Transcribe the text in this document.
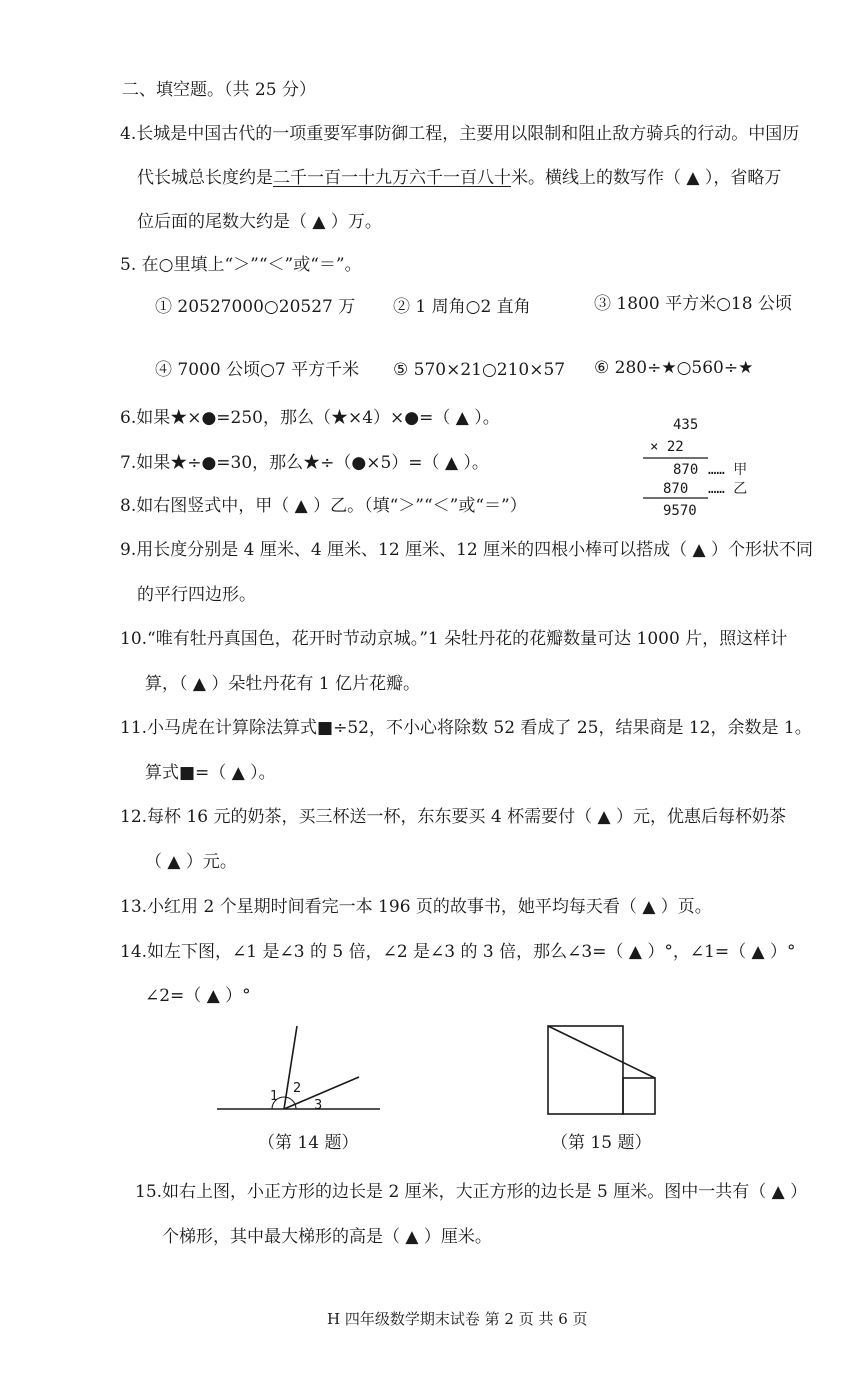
二、填空题。（共 25 分）
4.长城是中国古代的一项重要军事防御工程，主要用以限制和阻止敌方骑兵的行动。中国历
代长城总长度约是二千一百一十九万六千一百八十米。横线上的数写作（ ▲ ），省略万
位后面的尾数大约是（ ▲ ）万。
5. 在○里填上“＞”“＜”或“＝”。
① 20527000○20527 万 ② 1 周角○2 直角	③ 1800 平方米○18 公顷
④ 7000 公顷○7 平方千米 ⑤ 570×21○210×57 ⑥ 280÷★○560÷★
6.如果★×●=250，那么（★×4）×●=（ ▲ ）。
7.如果★÷●=30，那么★÷（●×5）=（ ▲ ）。
8.如右图竖式中，甲（ ▲ ）乙。（填“＞”“＜”或“＝”）
435
× 22
870 …… 甲
870 …… 乙
9570
9.用长度分别是 4 厘米、4 厘米、12 厘米、12 厘米的四根小棒可以搭成（ ▲ ）个形状不同
的平行四边形。
10.“唯有牡丹真国色，花开时节动京城。”1 朵牡丹花的花瓣数量可达 1000 片，照这样计
算，（ ▲ ）朵牡丹花有 1 亿片花瓣。
11.小马虎在计算除法算式■÷52，不小心将除数 52 看成了 25，结果商是 12，余数是 1。
算式■=（ ▲ ）。
12.每杯 16 元的奶茶，买三杯送一杯，东东要买 4 杯需要付（ ▲ ）元，优惠后每杯奶茶
（ ▲ ）元。
13.小红用 2 个星期时间看完一本 196 页的故事书，她平均每天看（ ▲ ）页。
14.如左下图，∠1 是∠3 的 5 倍，∠2 是∠3 的 3 倍，那么∠3=（ ▲ ）°，∠1=（ ▲ ）°
∠2=（ ▲ ）°
1
2
3
（第 14 题）	（第 15 题）
15.如右上图，小正方形的边长是 2 厘米，大正方形的边长是 5 厘米。图中一共有（ ▲ ）
个梯形，其中最大梯形的高是（ ▲ ）厘米。
H 四年级数学期末试卷 第 2 页 共 6 页
